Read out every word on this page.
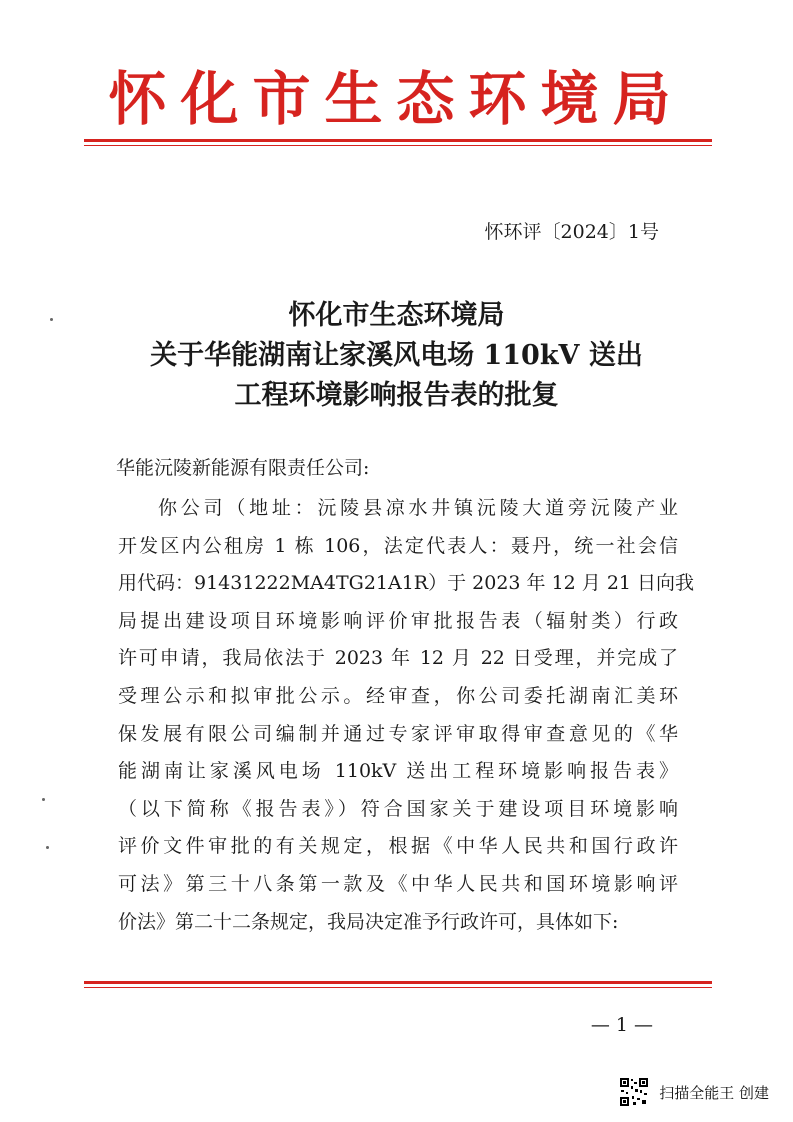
怀化市生态环境局
怀环评〔2024〕1号
怀化市生态环境局
关于华能湖南让家溪风电场 110kV 送出
工程环境影响报告表的批复
华能沅陵新能源有限责任公司:
你公司（地址：沅陵县凉水井镇沅陵大道旁沅陵产业
开发区内公租房 1 栋 106，法定代表人：聂丹，统一社会信
用代码：91431222MA4TG21A1R）于 2023 年 12 月 21 日向我
局提出建设项目环境影响评价审批报告表（辐射类）行政
许可申请，我局依法于 2023 年 12 月 22 日受理，并完成了
受理公示和拟审批公示。经审查，你公司委托湖南汇美环
保发展有限公司编制并通过专家评审取得审查意见的《华
能湖南让家溪风电场 110kV 送出工程环境影响报告表》
（以下简称《报告表》）符合国家关于建设项目环境影响
评价文件审批的有关规定，根据《中华人民共和国行政许
可法》第三十八条第一款及《中华人民共和国环境影响评
价法》第二十二条规定，我局决定准予行政许可，具体如下:
— 1 —
扫描全能王 创建
